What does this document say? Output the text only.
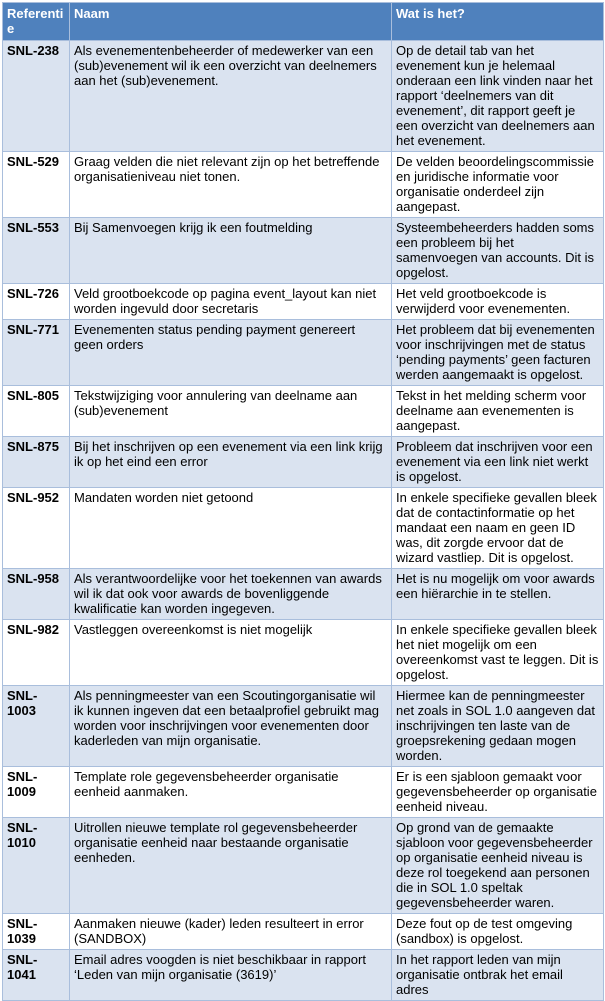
Referentie	Naam	Wat is het?
SNL-238	Als evenementenbeheerder of medewerker van een (sub)evenement wil ik een overzicht van deelnemers aan het (sub)evenement.	Op de detail tab van het evenement kun je helemaal onderaan een link vinden naar het rapport ‘deelnemers van dit evenement’, dit rapport geeft je een overzicht van deelnemers aan het evenement.
SNL-529	Graag velden die niet relevant zijn op het betreffende organisatieniveau niet tonen.	De velden beoordelingscommissie en juridische informatie voor organisatie onderdeel zijn aangepast.
SNL-553	Bij Samenvoegen krijg ik een foutmelding	Systeembeheerders hadden soms een probleem bij het samenvoegen van accounts. Dit is opgelost.
SNL-726	Veld grootboekcode op pagina event_layout kan niet worden ingevuld door secretaris	Het veld grootboekcode is verwijderd voor evenementen.
SNL-771	Evenementen status pending payment genereert geen orders	Het probleem dat bij evenementen voor inschrijvingen met de status ‘pending payments’ geen facturen werden aangemaakt is opgelost.
SNL-805	Tekstwijziging voor annulering van deelname aan (sub)evenement	Tekst in het melding scherm voor deelname aan evenementen is aangepast.
SNL-875	Bij het inschrijven op een evenement via een link krijg ik op het eind een error	Probleem dat inschrijven voor een evenement via een link niet werkt is opgelost.
SNL-952	Mandaten worden niet getoond	In enkele specifieke gevallen bleek dat de contactinformatie op het mandaat een naam en geen ID was, dit zorgde ervoor dat de wizard vastliep. Dit is opgelost.
SNL-958	Als verantwoordelijke voor het toekennen van awards wil ik dat ook voor awards de bovenliggende kwalificatie kan worden ingegeven.	Het is nu mogelijk om voor awards een hiërarchie in te stellen.
SNL-982	Vastleggen overeenkomst is niet mogelijk	In enkele specifieke gevallen bleek het niet mogelijk om een overeenkomst vast te leggen. Dit is opgelost.
SNL-1003	Als penningmeester van een Scoutingorganisatie wil ik kunnen ingeven dat een betaalprofiel gebruikt mag worden voor inschrijvingen voor evenementen door kaderleden van mijn organisatie.	Hiermee kan de penningmeester net zoals in SOL 1.0 aangeven dat inschrijvingen ten laste van de groepsrekening gedaan mogen worden.
SNL-1009	Template role gegevensbeheerder organisatie eenheid aanmaken.	Er is een sjabloon gemaakt voor gegevensbeheerder op organisatie eenheid niveau.
SNL-1010	Uitrollen nieuwe template rol gegevensbeheerder organisatie eenheid naar bestaande organisatie eenheden.	Op grond van de gemaakte sjabloon voor gegevensbeheerder op organisatie eenheid niveau is deze rol toegekend aan personen die in SOL 1.0 speltak gegevensbeheerder waren.
SNL-1039	Aanmaken nieuwe (kader) leden resulteert in error (SANDBOX)	Deze fout op de test omgeving (sandbox) is opgelost.
SNL-1041	Email adres voogden is niet beschikbaar in rapport ‘Leden van mijn organisatie (3619)’	In het rapport leden van mijn organisatie ontbrak het email adres
